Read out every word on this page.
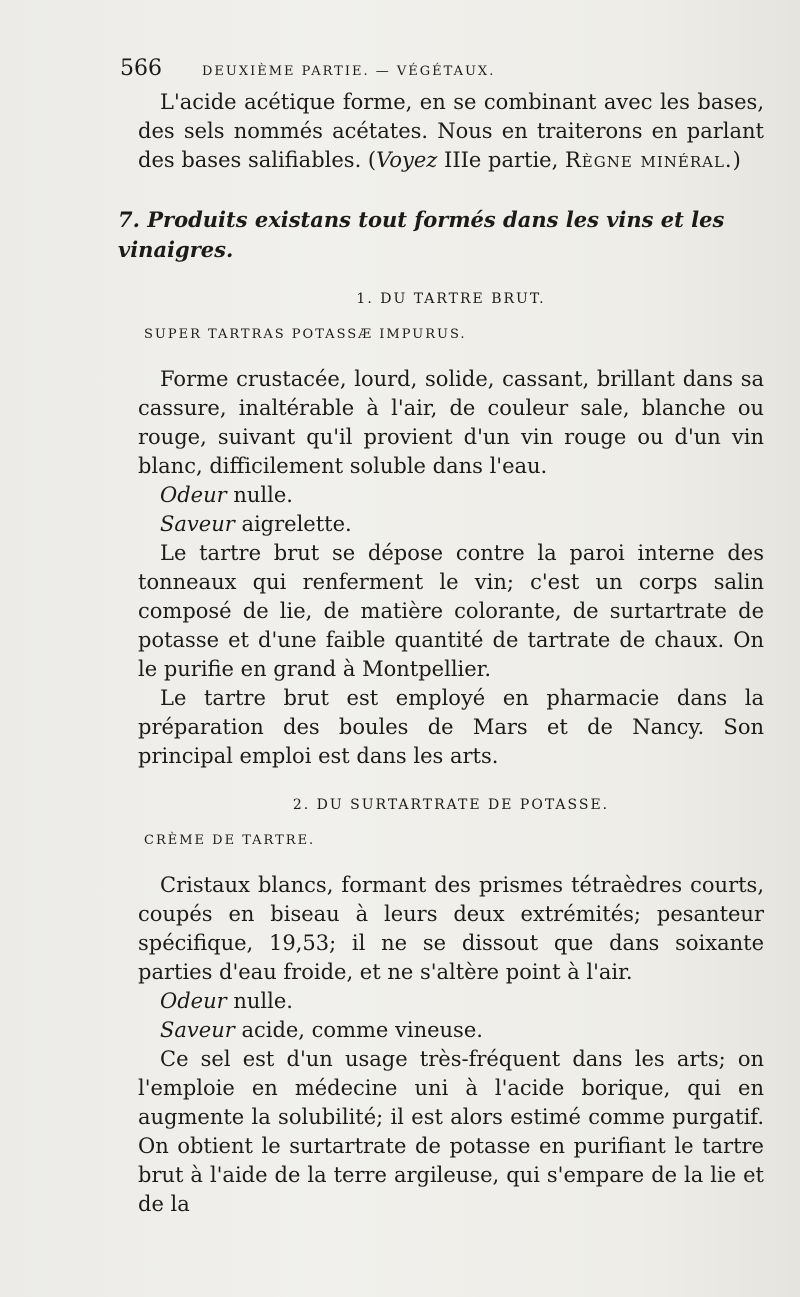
566	DEUXIÈME PARTIE. — VÉGÉTAUX.

L'acide acétique forme, en se combinant avec les bases, des sels nommés acétates. Nous en traiterons en parlant des bases salifiables. (Voyez IIIe partie, Règne minéral.)

7. Produits existans tout formés dans les vins et les vinaigres.
1. DU TARTRE BRUT.
SUPER TARTRAS POTASSÆ IMPURUS.

Forme crustacée, lourd, solide, cassant, brillant dans sa cassure, inaltérable à l'air, de couleur sale, blanche ou rouge, suivant qu'il provient d'un vin rouge ou d'un vin blanc, difficilement soluble dans l'eau.

Odeur nulle.

Saveur aigrelette.

Le tartre brut se dépose contre la paroi interne des tonneaux qui renferment le vin; c'est un corps salin composé de lie, de matière colorante, de surtartrate de potasse et d'une faible quantité de tartrate de chaux. On le purifie en grand à Montpellier.

Le tartre brut est employé en pharmacie dans la préparation des boules de Mars et de Nancy. Son principal emploi est dans les arts.

2. DU SURTARTRATE DE POTASSE.
CRÈME DE TARTRE.

Cristaux blancs, formant des prismes tétraèdres courts, coupés en biseau à leurs deux extrémités; pesanteur spécifique, 19,53; il ne se dissout que dans soixante parties d'eau froide, et ne s'altère point à l'air.

Odeur nulle.

Saveur acide, comme vineuse.

Ce sel est d'un usage très-fréquent dans les arts; on l'emploie en médecine uni à l'acide borique, qui en augmente la solubilité; il est alors estimé comme purgatif. On obtient le surtartrate de potasse en purifiant le tartre brut à l'aide de la terre argileuse, qui s'empare de la lie et de la
